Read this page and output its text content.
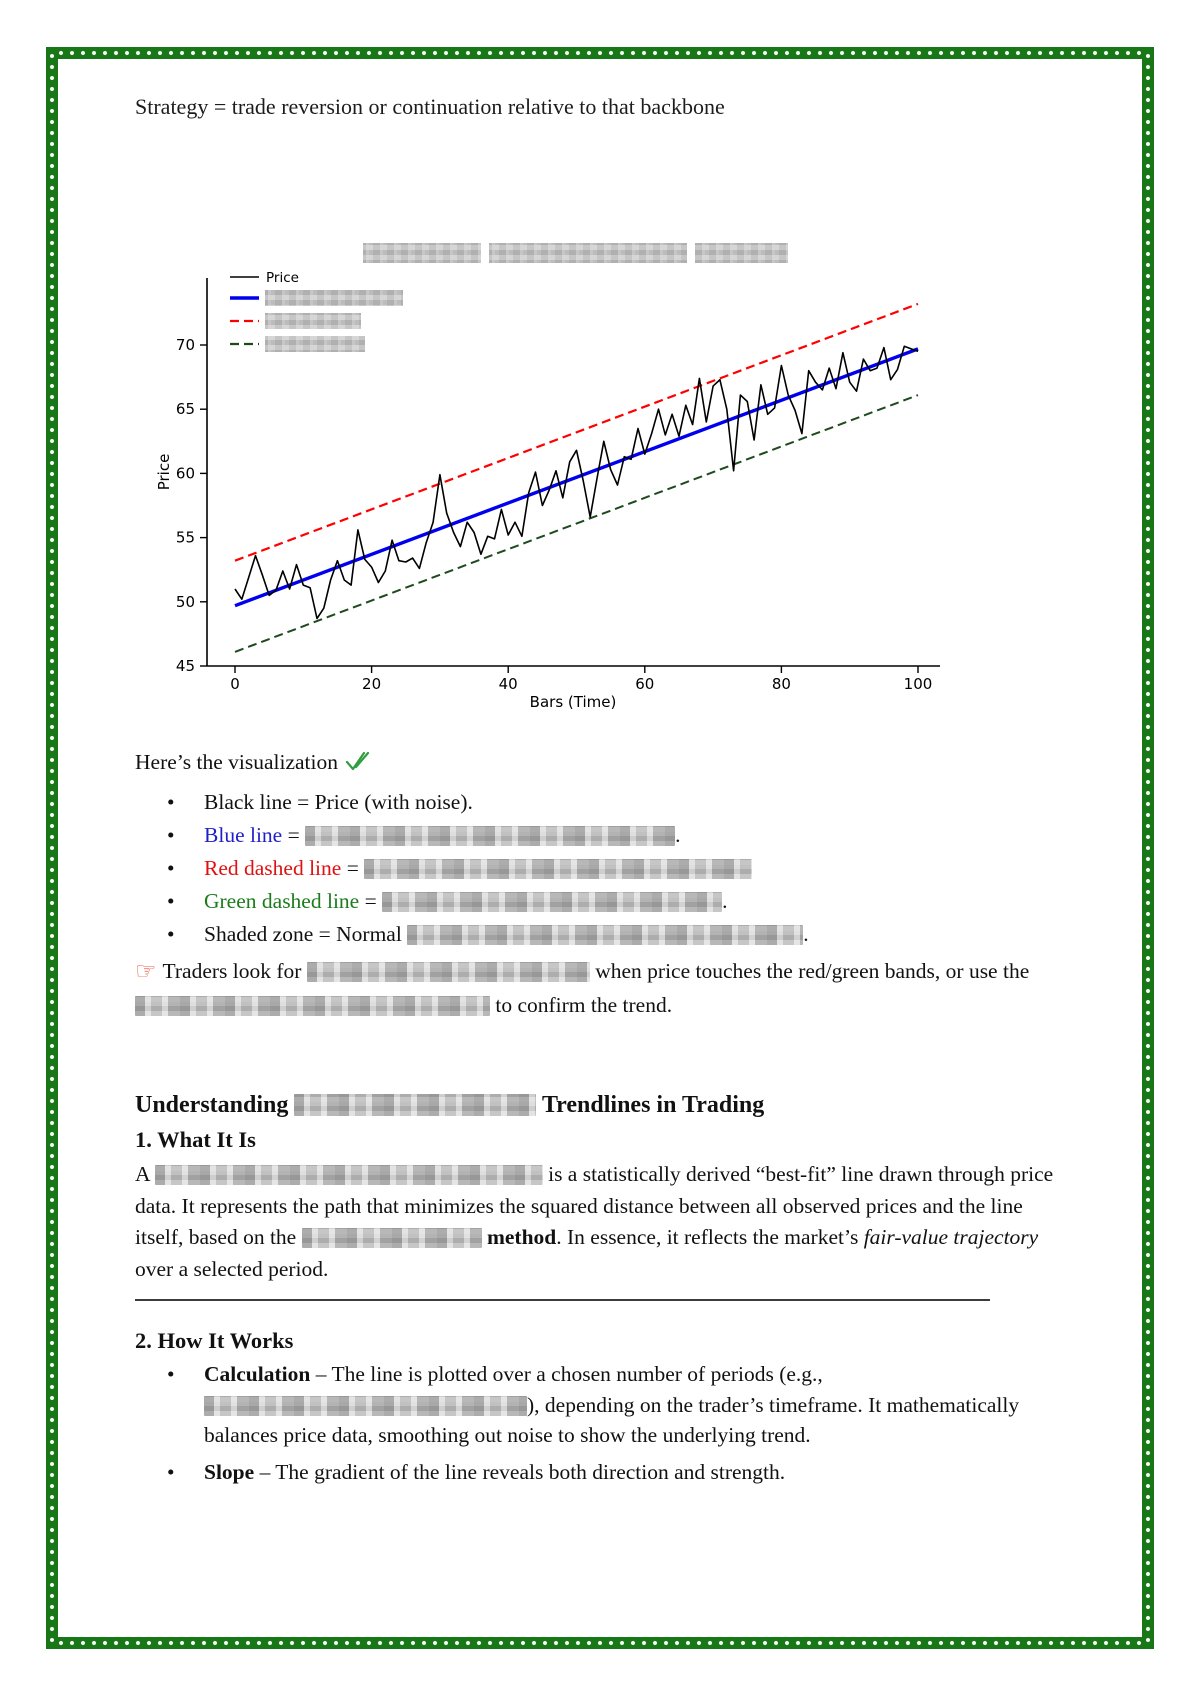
Strategy = trade reversion or continuation relative to that backbone

0	20	40	60	80	100
45
50
55
60
65
70
Bars (Time)
Price
Price

Here’s the visualization

•	Black line = Price (with noise).
•	Blue line =	.
•	Red dashed line =
•	Green dashed line =	.
•	Shaded zone = Normal	.

☞ Traders look for	when price touches the red/green bands, or use the  to confirm the trend.

Understanding	Trendlines in Trading
1. What It Is

A	is a statistically derived “best-fit” line drawn through price data. It represents the path that minimizes the squared distance between all observed prices and the line itself, based on the	method. In essence, it reflects the market’s fair-value trajectory over a selected period.

2. How It Works
•	Calculation – The line is plotted over a chosen number of periods (e.g., ), depending on the trader’s timeframe. It mathematically balances price data, smoothing out noise to show the underlying trend.
•	Slope – The gradient of the line reveals both direction and strength.
